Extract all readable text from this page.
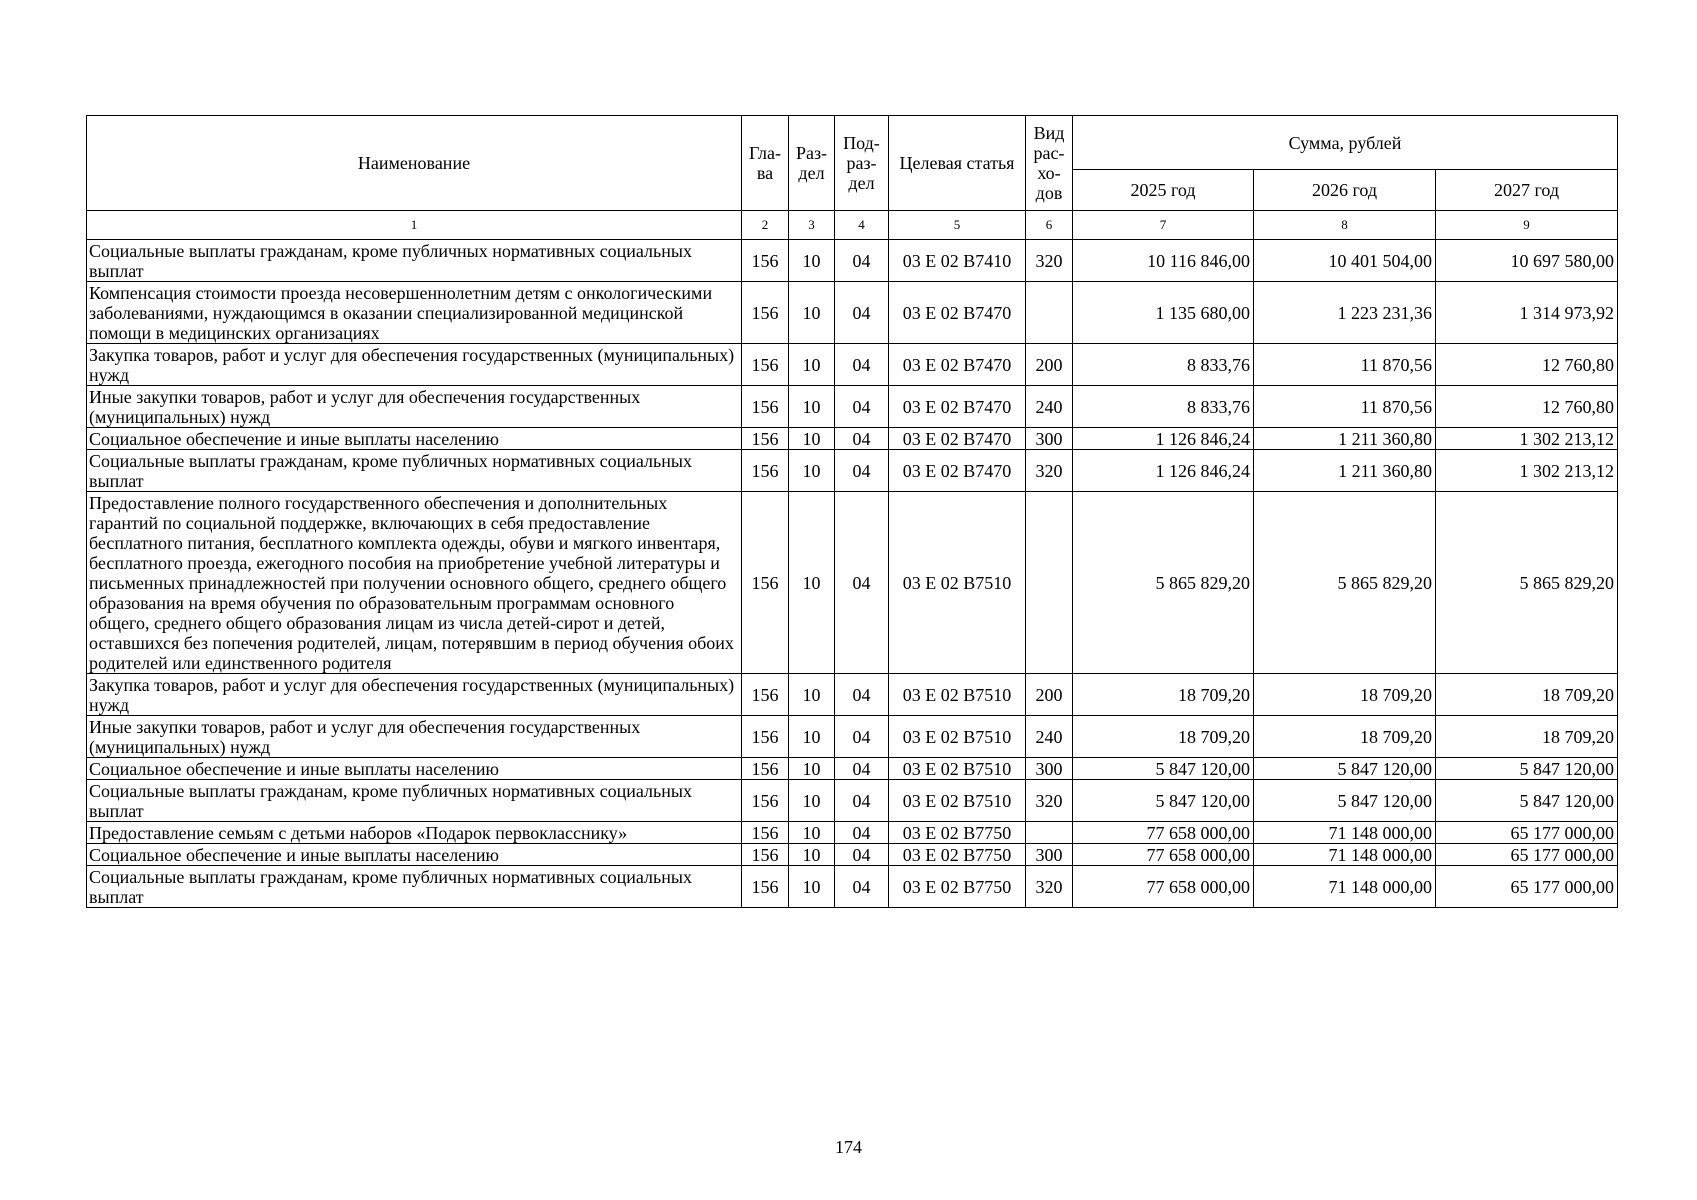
Наименование	Гла-ва	Раз-дел	Под-раз-дел	Целевая статья	Вид рас-хо-дов	Сумма, рублей		
						2025 год	2026 год	2027 год
1	2	3	4	5	6	7	8	9
Социальные выплаты гражданам, кроме публичных нормативных социальных выплат	156	10	04	03 Е 02 В7410	320	10 116 846,00	10 401 504,00	10 697 580,00
Компенсация стоимости проезда несовершеннолетним детям с онкологическими заболеваниями, нуждающимся в оказании специализированной медицинской помощи в медицинских организациях	156	10	04	03 Е 02 В7470		1 135 680,00	1 223 231,36	1 314 973,92
Закупка товаров, работ и услуг для обеспечения государственных (муниципальных) нужд	156	10	04	03 Е 02 В7470	200	8 833,76	11 870,56	12 760,80
Иные закупки товаров, работ и услуг для обеспечения государственных (муниципальных) нужд	156	10	04	03 Е 02 В7470	240	8 833,76	11 870,56	12 760,80
Социальное обеспечение и иные выплаты населению	156	10	04	03 Е 02 В7470	300	1 126 846,24	1 211 360,80	1 302 213,12
Социальные выплаты гражданам, кроме публичных нормативных социальных выплат	156	10	04	03 Е 02 В7470	320	1 126 846,24	1 211 360,80	1 302 213,12
Предоставление полного государственного обеспечения и дополнительных гарантий по социальной поддержке, включающих в себя предоставление бесплатного питания, бесплатного комплекта одежды, обуви и мягкого инвентаря, бесплатного проезда, ежегодного пособия на приобретение учебной литературы и письменных принадлежностей при получении основного общего, среднего общего образования на время обучения по образовательным программам основного общего, среднего общего образования лицам из числа детей-сирот и детей, оставшихся без попечения родителей, лицам, потерявшим в период обучения обоих родителей или единственного родителя	156	10	04	03 Е 02 В7510		5 865 829,20	5 865 829,20	5 865 829,20
Закупка товаров, работ и услуг для обеспечения государственных (муниципальных) нужд	156	10	04	03 Е 02 В7510	200	18 709,20	18 709,20	18 709,20
Иные закупки товаров, работ и услуг для обеспечения государственных (муниципальных) нужд	156	10	04	03 Е 02 В7510	240	18 709,20	18 709,20	18 709,20
Социальное обеспечение и иные выплаты населению	156	10	04	03 Е 02 В7510	300	5 847 120,00	5 847 120,00	5 847 120,00
Социальные выплаты гражданам, кроме публичных нормативных социальных выплат	156	10	04	03 Е 02 В7510	320	5 847 120,00	5 847 120,00	5 847 120,00
Предоставление семьям с детьми наборов «Подарок первокласснику»	156	10	04	03 Е 02 В7750		77 658 000,00	71 148 000,00	65 177 000,00
Социальное обеспечение и иные выплаты населению	156	10	04	03 Е 02 В7750	300	77 658 000,00	71 148 000,00	65 177 000,00
Социальные выплаты гражданам, кроме публичных нормативных социальных выплат	156	10	04	03 Е 02 В7750	320	77 658 000,00	71 148 000,00	65 177 000,00
174
